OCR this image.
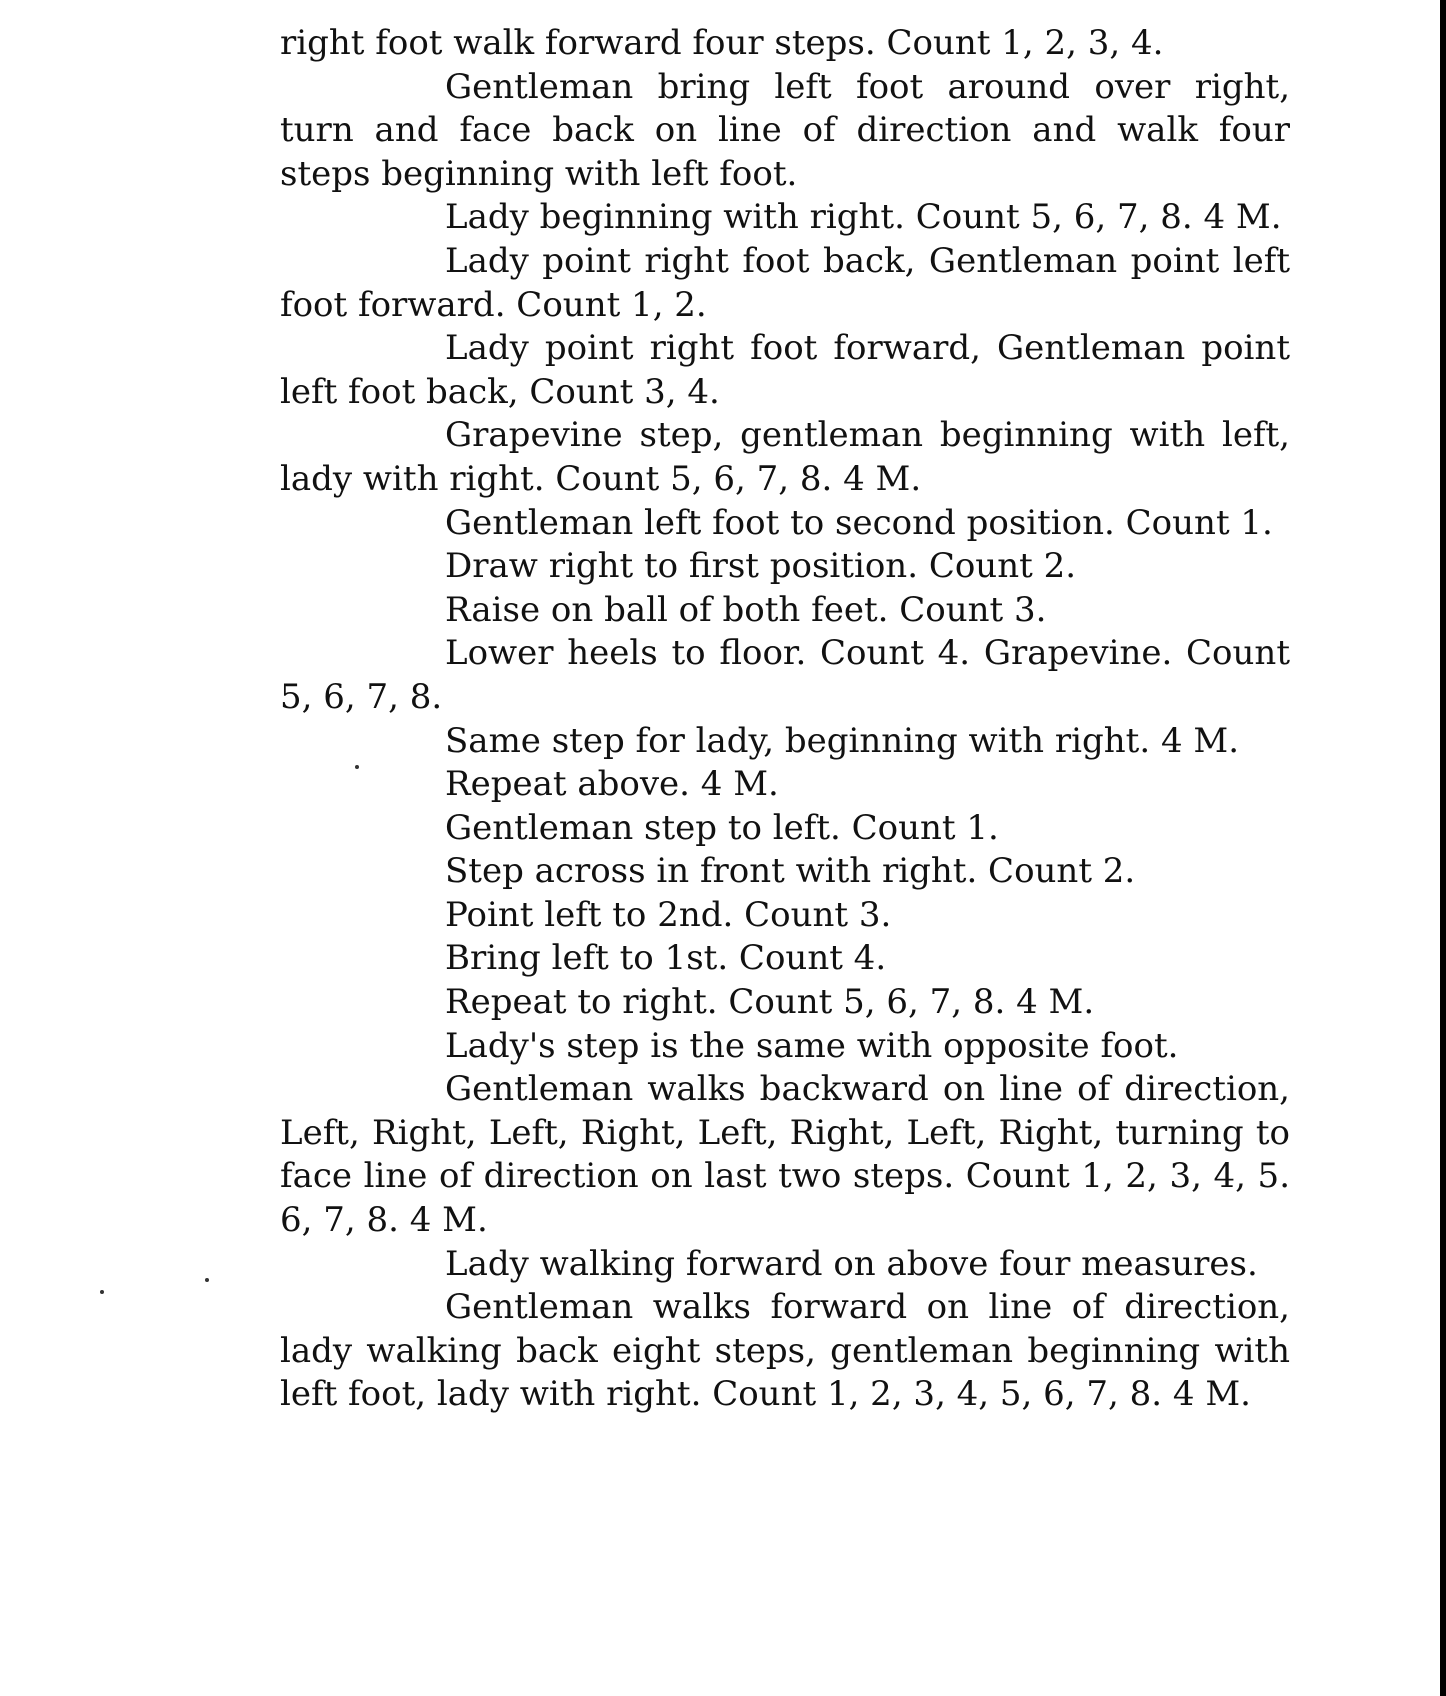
right foot walk forward four steps. Count 1, 2, 3, 4.

Gentleman bring left foot around over right, turn and face back on line of direction and walk four steps beginning with left foot.

Lady beginning with right. Count 5, 6, 7, 8. 4 M.

Lady point right foot back, Gentleman point left foot forward. Count 1, 2.

Lady point right foot forward, Gentleman point left foot back, Count 3, 4.

Grapevine step, gentleman beginning with left, lady with right. Count 5, 6, 7, 8. 4 M.

Gentleman left foot to second position. Count 1.

Draw right to first position. Count 2.

Raise on ball of both feet. Count 3.

Lower heels to floor. Count 4. Grapevine. Count 5, 6, 7, 8.

Same step for lady, beginning with right. 4 M.

Repeat above. 4 M.

Gentleman step to left. Count 1.

Step across in front with right. Count 2.

Point left to 2nd. Count 3.

Bring left to 1st. Count 4.

Repeat to right. Count 5, 6, 7, 8. 4 M.

Lady's step is the same with opposite foot.

Gentleman walks backward on line of direction, Left, Right, Left, Right, Left, Right, Left, Right, turning to face line of direction on last two steps. Count 1, 2, 3, 4, 5. 6, 7, 8. 4 M.

Lady walking forward on above four measures.

Gentleman walks forward on line of direction, lady walking back eight steps, gentleman beginning with left foot, lady with right. Count 1, 2, 3, 4, 5, 6, 7, 8. 4 M.
